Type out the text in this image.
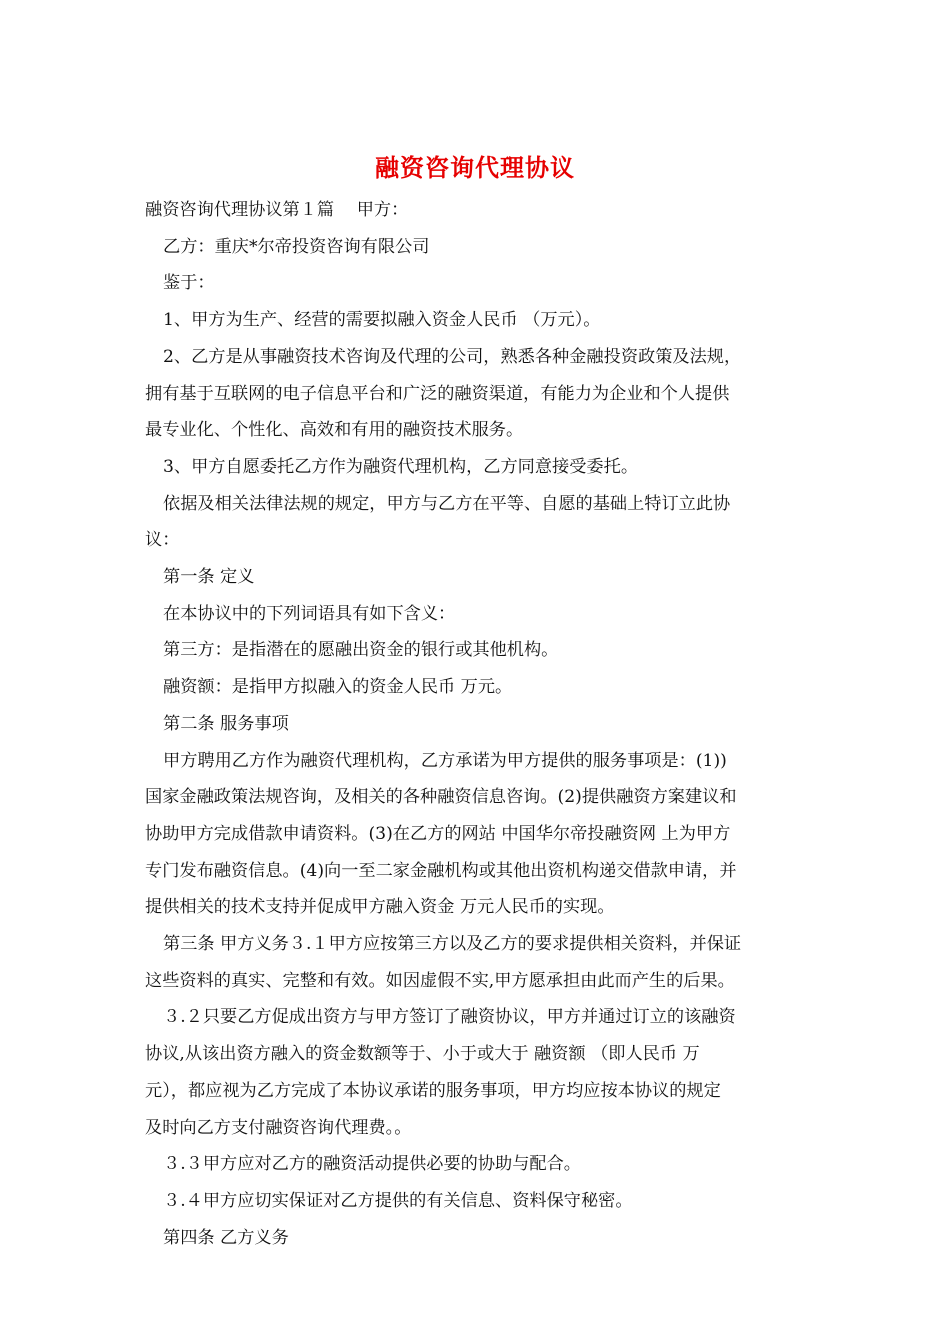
融资咨询代理协议

融资咨询代理协议第１篇　 甲方：

乙方：重庆*尔帝投资咨询有限公司

鉴于：

1、甲方为生产、经营的需要拟融入资金人民币 （万元）。

2、乙方是从事融资技术咨询及代理的公司，熟悉各种金融投资政策及法规，

拥有基于互联网的电子信息平台和广泛的融资渠道，有能力为企业和个人提供

最专业化、个性化、高效和有用的融资技术服务。

3、甲方自愿委托乙方作为融资代理机构，乙方同意接受委托。

依据及相关法律法规的规定，甲方与乙方在平等、自愿的基础上特订立此协

议：

第一条 定义

在本协议中的下列词语具有如下含义：

第三方：是指潜在的愿融出资金的银行或其他机构。

融资额：是指甲方拟融入的资金人民币 万元。

第二条 服务事项

甲方聘用乙方作为融资代理机构，乙方承诺为甲方提供的服务事项是：(1))

国家金融政策法规咨询，及相关的各种融资信息咨询。(2)提供融资方案建议和

协助甲方完成借款申请资料。(3)在乙方的网站 中国华尔帝投融资网 上为甲方

专门发布融资信息。(4)向一至二家金融机构或其他出资机构递交借款申请，并

提供相关的技术支持并促成甲方融入资金 万元人民币的实现。

第三条 甲方义务３.１甲方应按第三方以及乙方的要求提供相关资料，并保证

这些资料的真实、完整和有效。如因虚假不实,甲方愿承担由此而产生的后果。

３.２只要乙方促成出资方与甲方签订了融资协议，甲方并通过订立的该融资

协议,从该出资方融入的资金数额等于、小于或大于 融资额 （即人民币 万

元），都应视为乙方完成了本协议承诺的服务事项，甲方均应按本协议的规定

及时向乙方支付融资咨询代理费。。

３.３甲方应对乙方的融资活动提供必要的协助与配合。

３.４甲方应切实保证对乙方提供的有关信息、资料保守秘密。

第四条 乙方义务
